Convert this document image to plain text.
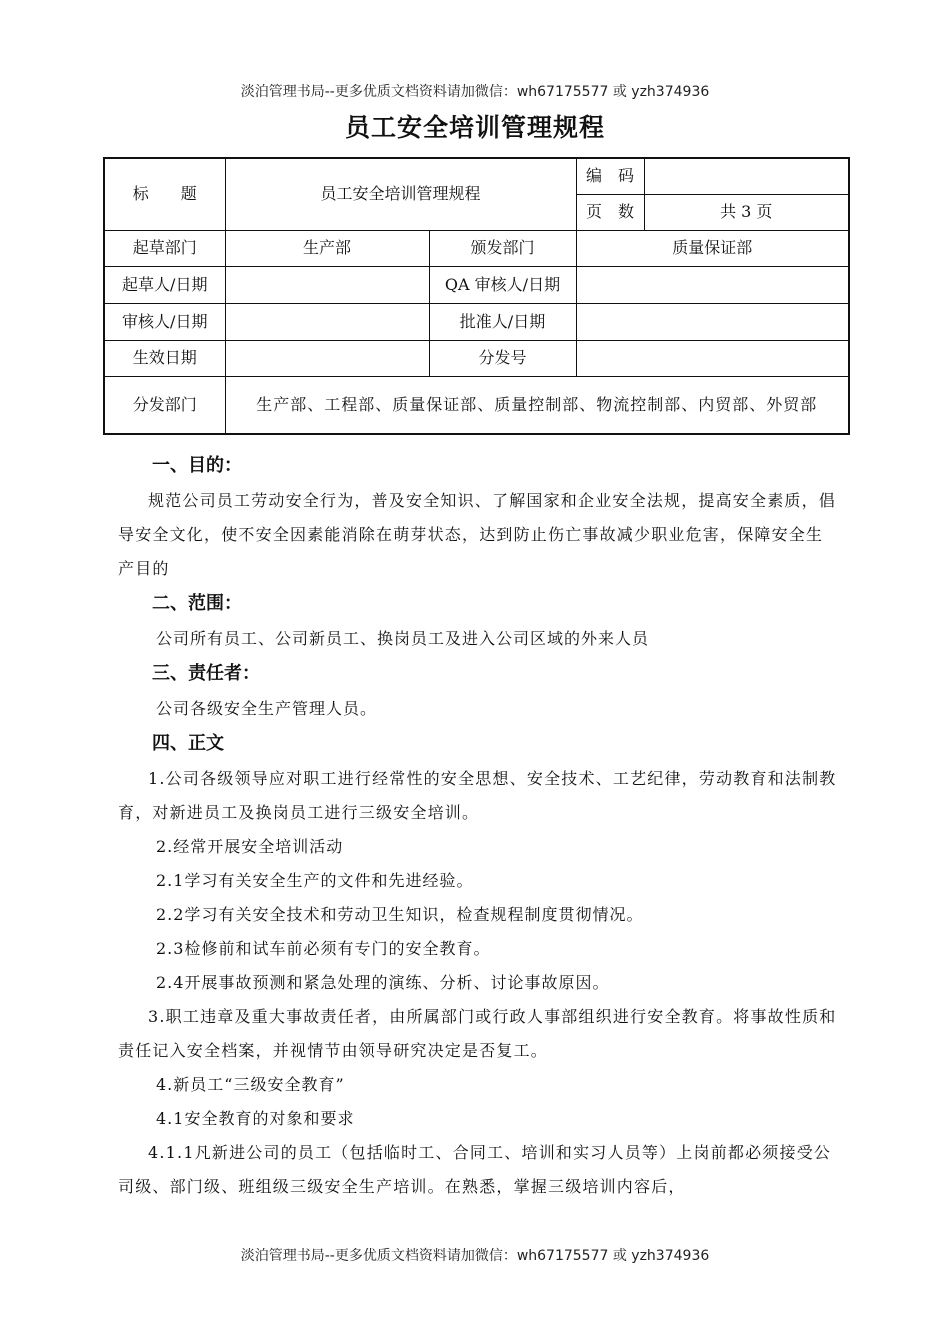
淡泊管理书局--更多优质文档资料请加微信：wh67175577 或 yzh374936
员工安全培训管理规程
标　　题	员工安全培训管理规程		编　码	
			页　数	共 3 页
起草部门	生产部	颁发部门	质量保证部	
起草人/日期		QA 审核人/日期		
审核人/日期		批准人/日期		
生效日期		分发号		
分发部门	生产部、工程部、质量保证部、质量控制部、物流控制部、内贸部、外贸部			
一、目的：

规范公司员工劳动安全行为，普及安全知识、了解国家和企业安全法规，提高安全素质，倡导安全文化，使不安全因素能消除在萌芽状态，达到防止伤亡事故减少职业危害，保障安全生产目的

二、范围：

公司所有员工、公司新员工、换岗员工及进入公司区域的外来人员

三、责任者：

公司各级安全生产管理人员。

四、正文

1.公司各级领导应对职工进行经常性的安全思想、安全技术、工艺纪律，劳动教育和法制教育，对新进员工及换岗员工进行三级安全培训。

2.经常开展安全培训活动

2.1学习有关安全生产的文件和先进经验。

2.2学习有关安全技术和劳动卫生知识，检查规程制度贯彻情况。

2.3检修前和试车前必须有专门的安全教育。

2.4开展事故预测和紧急处理的演练、分析、讨论事故原因。

3.职工违章及重大事故责任者，由所属部门或行政人事部组织进行安全教育。将事故性质和责任记入安全档案，并视情节由领导研究决定是否复工。

4.新员工“三级安全教育”

4.1安全教育的对象和要求

4.1.1凡新进公司的员工（包括临时工、合同工、培训和实习人员等）上岗前都必须接受公司级、部门级、班组级三级安全生产培训。在熟悉，掌握三级培训内容后，

淡泊管理书局--更多优质文档资料请加微信：wh67175577 或 yzh374936
